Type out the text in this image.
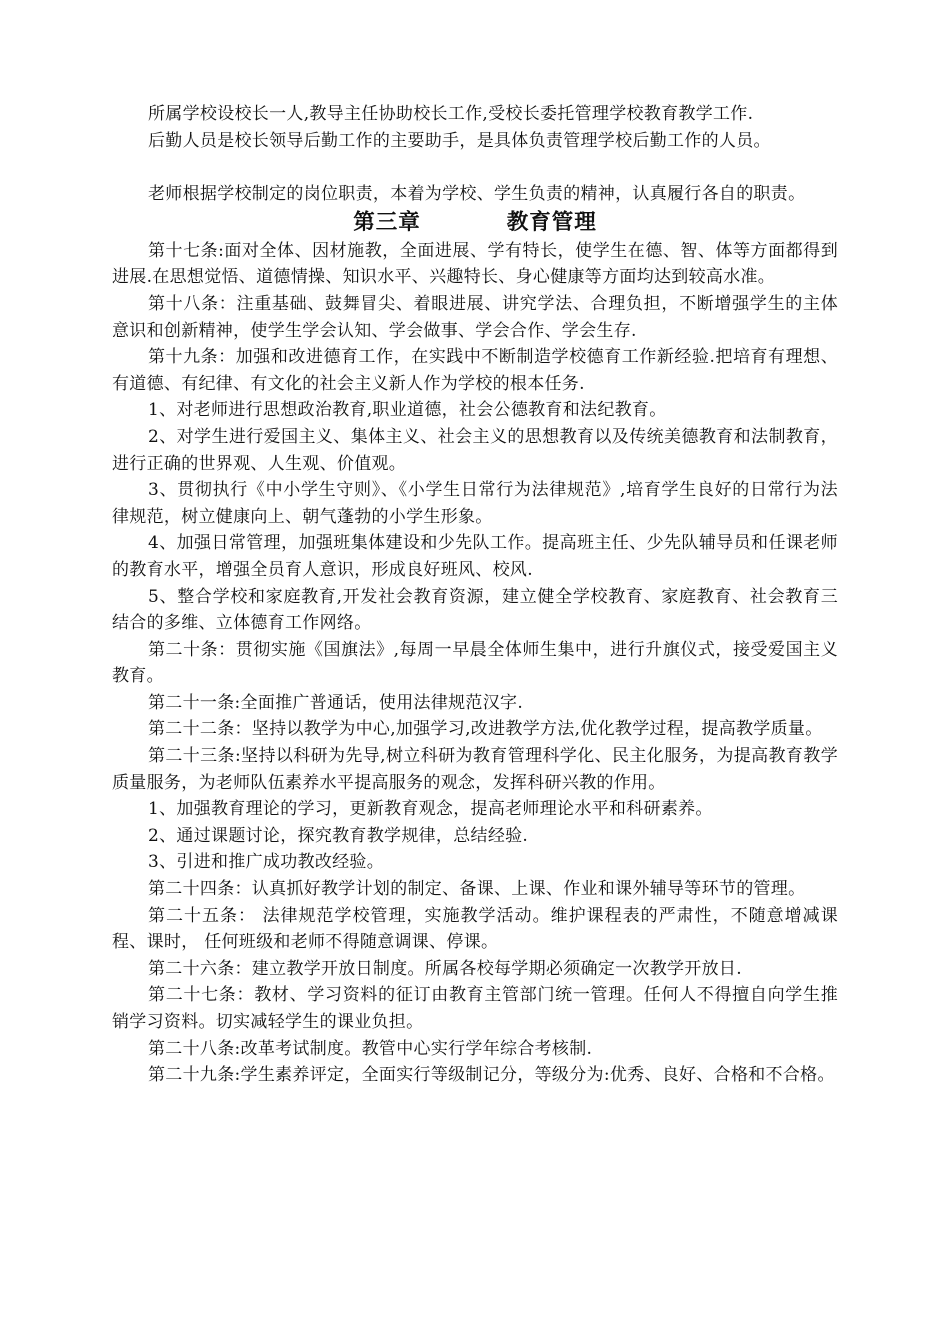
所属学校设校长一人,教导主任协助校长工作,受校长委托管理学校教育教学工作.

后勤人员是校长领导后勤工作的主要助手，是具体负责管理学校后勤工作的人员。

老师根据学校制定的岗位职责，本着为学校、学生负责的精神，认真履行各自的职责。

第三章	教育管理

第十七条:面对全体、因材施教，全面进展、学有特长，使学生在德、智、体等方面都得到进展.在思想觉悟、道德情操、知识水平、兴趣特长、身心健康等方面均达到较高水准。

第十八条：注重基础、鼓舞冒尖、着眼进展、讲究学法、合理负担，不断增强学生的主体意识和创新精神，使学生学会认知、学会做事、学会合作、学会生存.

第十九条：加强和改进德育工作，在实践中不断制造学校德育工作新经验.把培育有理想、有道德、有纪律、有文化的社会主义新人作为学校的根本任务.

1、对老师进行思想政治教育,职业道德，社会公德教育和法纪教育。

2、对学生进行爱国主义、集体主义、社会主义的思想教育以及传统美德教育和法制教育，进行正确的世界观、人生观、价值观。

3、贯彻执行《中小学生守则》、《小学生日常行为法律规范》,培育学生良好的日常行为法律规范，树立健康向上、朝气蓬勃的小学生形象。

4、加强日常管理，加强班集体建设和少先队工作。提高班主任、少先队辅导员和任课老师的教育水平，增强全员育人意识，形成良好班风、校风.

5、整合学校和家庭教育,开发社会教育资源，建立健全学校教育、家庭教育、社会教育三结合的多维、立体德育工作网络。

第二十条：贯彻实施《国旗法》,每周一早晨全体师生集中，进行升旗仪式，接受爱国主义教育。

第二十一条:全面推广普通话，使用法律规范汉字.

第二十二条：坚持以教学为中心,加强学习,改进教学方法,优化教学过程，提高教学质量。

第二十三条:坚持以科研为先导,树立科研为教育管理科学化、民主化服务，为提高教育教学质量服务，为老师队伍素养水平提高服务的观念，发挥科研兴教的作用。

1、加强教育理论的学习，更新教育观念，提高老师理论水平和科研素养。

2、通过课题讨论，探究教育教学规律，总结经验.

3、引进和推广成功教改经验。

第二十四条：认真抓好教学计划的制定、备课、上课、作业和课外辅导等环节的管理。

第二十五条： 法律规范学校管理，实施教学活动。维护课程表的严肃性，不随意增减课程、课时， 任何班级和老师不得随意调课、停课。

第二十六条：建立教学开放日制度。所属各校每学期必须确定一次教学开放日.

第二十七条：教材、学习资料的征订由教育主管部门统一管理。任何人不得擅自向学生推销学习资料。切实减轻学生的课业负担。

第二十八条:改革考试制度。教管中心实行学年综合考核制.

第二十九条:学生素养评定，全面实行等级制记分，等级分为:优秀、良好、合格和不合格。
